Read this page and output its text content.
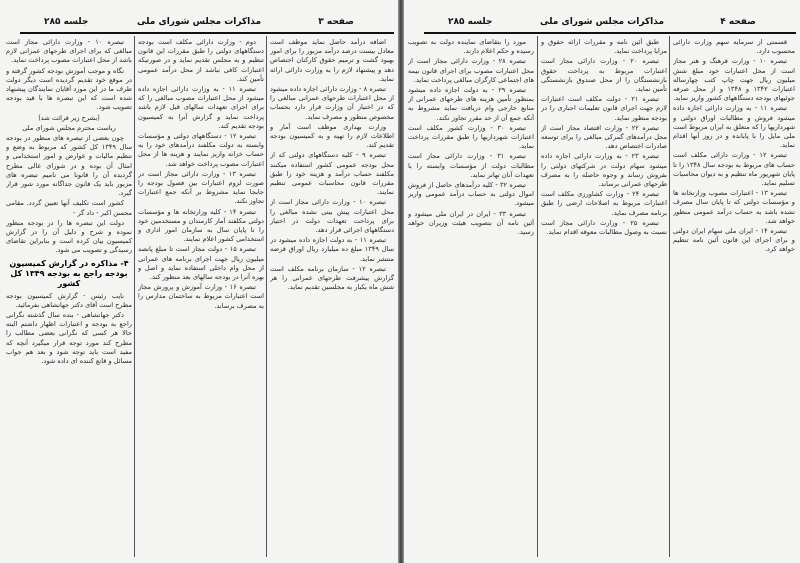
صفحه ۳
مذاکرات مجلس شورای ملی
جلسه ۲۸۵

تبصره ۱۰ - وزارت دارائی مجاز است مبالغی که برای اجرای طرحهای عمرانی لازم باشد از محل اعتبارات مصوب پرداخت نماید.

نگاه و موجب آموزش بودجه کشور گرفته و در موقع خود تقدیم گردیده است دیگر دولت طرف ما در این مورد آقایان نمایندگان پیشنهاد شده است که این تبصره ها با قید بودجه تصویب شود.

(بشرح زیر قرائت شد)

ریاست محترم مجلس شورای ملی

چون بعضی از تبصره های منظور در بودجه سال ۱۳۴۹ کل کشور که مربوط به وضع و تنظیم مالیات و عوارض و امور استخدامی و امثال آن بوده و در شورای عالی مطرح گردیده آن را قانونا می نامیم تبصره های مزبور باید یک قانون جداگانه مورد شور قرار گیرد.

کشور است تکلیف آنها تعیین گردد. مقامی محسن اکبر - داد گر -

دولت این تبصره ها را در بودجه منظور نموده و شرح و دلیل آن را در گزارش کمیسیون بیان کرده است و بنابراین تقاضای رسیدگی و تصویب می شود.

۴- مذاکره در گزارش کمیسیون بودجه راجع به بودجه ۱۳۴۹ کل کشور

نایب رئیس - گزارش کمیسیون بودجه مطرح است آقای دکتر جهانشاهی بفرمائید.

دکتر جهانشاهی - بنده سال گذشته نگرانی راجع به بودجه و اعتبارات اظهار داشتم البته حالا هر کسی که نگرانی بعضی مطالب را مطرح کند مورد توجه قرار میگیرد آنچه که مفید است باید توجه شود و بعد هم جواب مسائل و قانع کننده ای داده شود.

دوم - وزارت دارائی مکلف است بودجه دستگاههای دولتی را طبق مقررات این قانون تنظیم و به مجلس تقدیم نماید و در صورتیکه اعتبارات کافی نباشد از محل درآمد عمومی تأمین کند.

تبصره ۱۱ - به وزارت دارائی اجازه داده میشود از محل اعتبارات مصوب مبالغی را که برای اجرای تعهدات سالهای قبل لازم باشد پرداخت نماید و گزارش آنرا به کمیسیون بودجه تقدیم کند.

تبصره ۱۲ - دستگاههای دولتی و مؤسسات وابسته به دولت مکلفند درآمدهای خود را به حساب خزانه واریز نمایند و هزینه ها از محل اعتبارات مصوب پرداخت خواهد شد.

تبصره ۱۳ - وزارت دارائی مجاز است در صورت لزوم اعتبارات بین فصول بودجه را جابجا نماید مشروط بر آنکه جمع اعتبارات تجاوز نکند.

تبصره ۱۴ - کلیه وزارتخانه ها و مؤسسات دولتی مکلفند آمار کارمندان و مستخدمین خود را تا پایان سال به سازمان امور اداری و استخدامی کشور اعلام نمایند.

تبصره ۱۵ - دولت مجاز است تا مبلغ پانصد میلیون ریال جهت اجرای برنامه های عمرانی از محل وام داخلی استفاده نماید و اصل و بهره آنرا در بودجه سالهای بعد منظور کند.

تبصره ۱۶ - وزارت آموزش و پرورش مجاز است اعتبارات مربوط به ساختمان مدارس را به مصرف برساند.

اضافه درآمد حاصل نماید موظف است معادل بیست درصد درآمد مزبور را برای امور بهبود گشت و ترمیم حقوق کارکنان اختصاص دهد و پیشنهاد لازم را به وزارت دارائی ارائه نماید.

تبصره ۸ - وزارت دارائی اجازه داده میشود از محل اعتبارات طرحهای عمرانی مبالغی را که در اختیار آن وزارت قرار دارد بحساب مخصوص منظور و مصرف نماید.

وزارت بهداری موظف است آمار و اطلاعات لازم را تهیه و به کمیسیون بودجه تقدیم کند.

تبصره ۹ - کلیه دستگاههای دولتی که از محل بودجه عمومی کشور استفاده میکنند مکلفند حساب درآمد و هزینه خود را طبق مقررات قانون محاسبات عمومی تنظیم نمایند.

تبصره ۱۰ - وزارت دارائی مجاز است از محل اعتبارات پیش بینی نشده مبالغی را برای پرداخت تعهدات دولت در اختیار دستگاههای اجرائی قرار دهد.

تبصره ۱۱ - به دولت اجازه داده میشود در سال ۱۳۴۹ مبلغ ده میلیارد ریال اوراق قرضه منتشر نماید.

تبصره ۱۲ - سازمان برنامه مکلف است گزارش پیشرفت طرحهای عمرانی را هر شش ماه یکبار به مجلسین تقدیم نماید.

صفحه ۴
مذاکرات مجلس شورای ملی
جلسه ۲۸۵

مورد را بتقاضای نماینده دولت به تصویب رسیده و حکم اعلام دارند.

تبصره ۲۸ - وزارت دارائی مجاز است از محل اعتبارات مصوب برای اجرای قانون بیمه های اجتماعی کارگران مبالغی پرداخت نماید.

تبصره ۲۹ - به دولت اجازه داده میشود بمنظور تأمین هزینه های طرحهای عمرانی از منابع خارجی وام دریافت نماید مشروط به آنکه جمع آن از حد مقرر تجاوز نکند.

تبصره ۳۰ - وزارت کشور مکلف است اعتبارات شهرداریها را طبق مقررات پرداخت نماید.

تبصره ۳۱ - وزارت دارائی مجاز است مطالبات دولت از مؤسسات وابسته را با تعهدات آنان تهاتر نماید.

تبصره ۳۲ - کلیه درآمدهای حاصل از فروش اموال دولتی به حساب درآمد عمومی واریز میشود.

تبصره ۳۳ - ایران در ایران ملی میشود و آئین نامه آن بتصویب هیئت وزیران خواهد رسید.

طبق آئین نامه و مقررات ارائه حقوق و مزایا پرداخت نماید.

تبصره ۲۰ - وزارت دارائی مجاز است اعتبارات مربوط به پرداخت حقوق بازنشستگان را از محل صندوق بازنشستگی تأمین نماید.

تبصره ۲۱ - دولت مکلف است اعتبارات لازم جهت اجرای قانون تعلیمات اجباری را در بودجه منظور نماید.

تبصره ۲۲ - وزارت اقتصاد مجاز است از محل درآمدهای گمرکی مبالغی را برای توسعه صادرات اختصاص دهد.

تبصره ۲۳ - به وزارت دارائی اجازه داده میشود سهام دولت در شرکتهای دولتی را بفروش رساند و وجوه حاصله را به مصرف طرحهای عمرانی برساند.

تبصره ۲۴ - وزارت کشاورزی مکلف است اعتبارات مربوط به اصلاحات ارضی را طبق برنامه مصرف نماید.

تبصره ۲۵ - وزارت دارائی مجاز است نسبت به وصول مطالبات معوقه اقدام نماید.

قسمتی از سرمایه سهم وزارت دارائی محسوب دارد.

تبصره ۱۰ - وزارت فرهنگ و هنر مجاز است از محل اعتبارات خود مبلغ شش میلیون ریال جهت چاپ کتب چهارساله اعتبارات ۱۳۴۲ و ۱۳۴۸ و از محل صرفه جوئیهای بودجه دستگاههای کشور واریز نماید.

تبصره ۱۱ - به وزارت دارائی اجازه داده میشود فروش و مطالبات اوراق دولتی و شهرداریها را که متعلق به ایران مربوط است ملی مایل را با پایانده و در روز آنها اقدام نماید.

تبصره ۱۲ - وزارت دارائی مکلف است حساب های مربوط به بودجه سال ۱۳۴۸ را تا پایان شهریور ماه تنظیم و به دیوان محاسبات تسلیم نماید.

تبصره ۱۳ - اعتبارات مصوب وزارتخانه ها و مؤسسات دولتی که تا پایان سال مصرف نشده باشد به حساب درآمد عمومی منظور خواهد شد.

تبصره ۱۴ - ایران ملی سهام ایران دولتی و برای اجرای این قانون آئین نامه تنظیم خواهد کرد.
